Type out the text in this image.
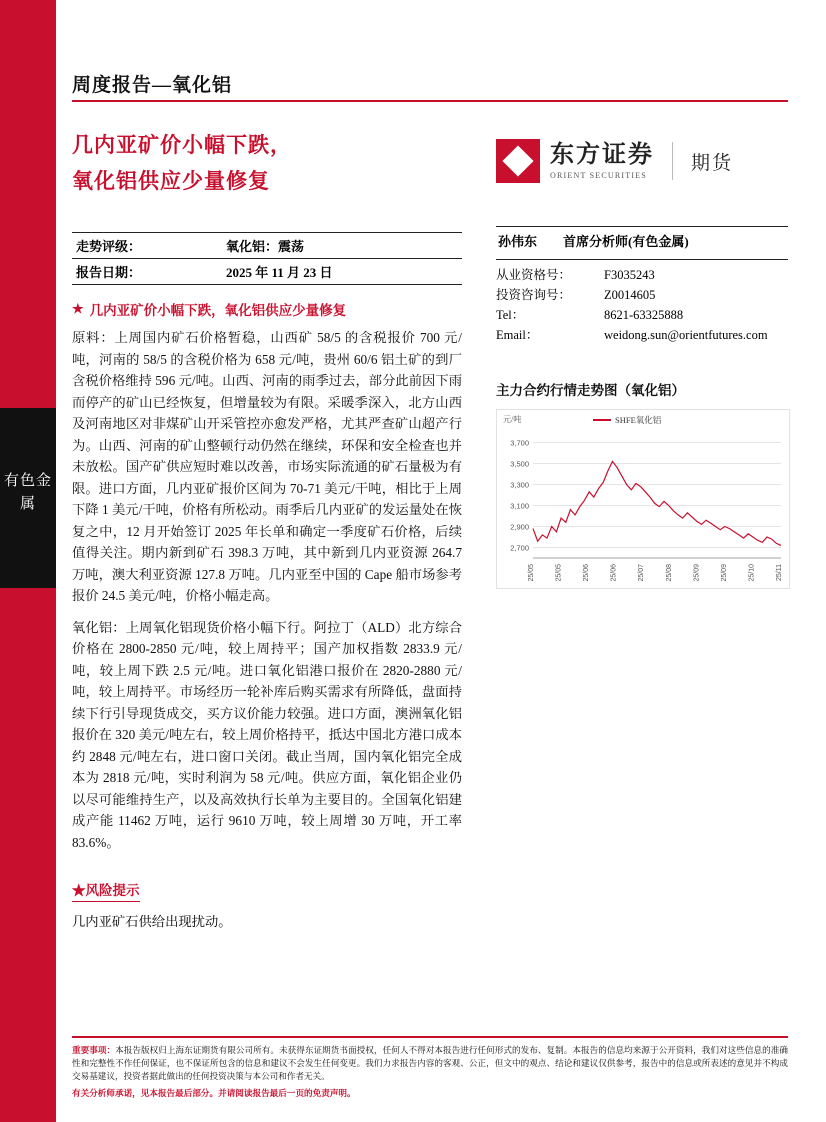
有色金属
周度报告—氧化铝
几内亚矿价小幅下跌，
氧化铝供应少量修复
走势评级：	氧化铝：震荡
报告日期：	2025 年 11 月 23 日
★ 几内亚矿价小幅下跌，氧化铝供应少量修复

原料：上周国内矿石价格暂稳，山西矿 58/5 的含税报价 700 元/吨，河南的 58/5 的含税价格为 658 元/吨，贵州 60/6 铝土矿的到厂含税价格维持 596 元/吨。山西、河南的雨季过去，部分此前因下雨而停产的矿山已经恢复，但增量较为有限。采暖季深入，北方山西及河南地区对非煤矿山开采管控亦愈发严格，尤其严查矿山超产行为。山西、河南的矿山整顿行动仍然在继续，环保和安全检查也并未放松。国产矿供应短时难以改善，市场实际流通的矿石量极为有限。进口方面，几内亚矿报价区间为 70-71 美元/干吨，相比于上周下降 1 美元/干吨，价格有所松动。雨季后几内亚矿的发运量处在恢复之中，12 月开始签订 2025 年长单和确定一季度矿石价格，后续值得关注。期内新到矿石 398.3 万吨，其中新到几内亚资源 264.7 万吨，澳大利亚资源 127.8 万吨。几内亚至中国的 Cape 船市场参考报价 24.5 美元/吨，价格小幅走高。

氧化铝：上周氧化铝现货价格小幅下行。阿拉丁（ALD）北方综合价格在 2800-2850 元/吨，较上周持平；国产加权指数 2833.9 元/吨，较上周下跌 2.5 元/吨。进口氧化铝港口报价在 2820-2880 元/吨，较上周持平。市场经历一轮补库后购买需求有所降低，盘面持续下行引导现货成交，买方议价能力较强。进口方面，澳洲氧化铝报价在 320 美元/吨左右，较上周价格持平，抵达中国北方港口成本约 2848 元/吨左右，进口窗口关闭。截止当周，国内氧化铝完全成本为 2818 元/吨，实时利润为 58 元/吨。供应方面，氧化铝企业仍以尽可能维持生产，以及高效执行长单为主要目的。全国氧化铝建成产能 11462 万吨，运行 9610 万吨，较上周增 30 万吨，开工率 83.6%。

★风险提示
几内亚矿石供给出现扰动。
东方证券
ORIENT SECURITIES
期货
孙伟东 首席分析师(有色金属)
从业资格号：	F3035243
投资咨询号：	Z0014605
Tel：	8621-63325888
Email：	weidong.sun@orientfutures.com
主力合约行情走势图（氧化铝）
元/吨	SHFE氧化铝
2,700
2,900
3,100
3,300
3,500
3,700
25/05	25/05	25/06	25/06	25/07	25/08	25/09	25/09	25/10	25/11
重要事项：本报告版权归上海东证期货有限公司所有。未获得东证期货书面授权，任何人不得对本报告进行任何形式的发布、复制。本报告的信息均来源于公开资料，我们对这些信息的准确性和完整性不作任何保证，也不保证所包含的信息和建议不会发生任何变更。我们力求报告内容的客观、公正，但文中的观点、结论和建议仅供参考，报告中的信息或所表述的意见并不构成交易基建议，投资者据此做出的任何投资决策与本公司和作者无关。
有关分析师承诺，见本报告最后部分。并请阅读报告最后一页的免责声明。
